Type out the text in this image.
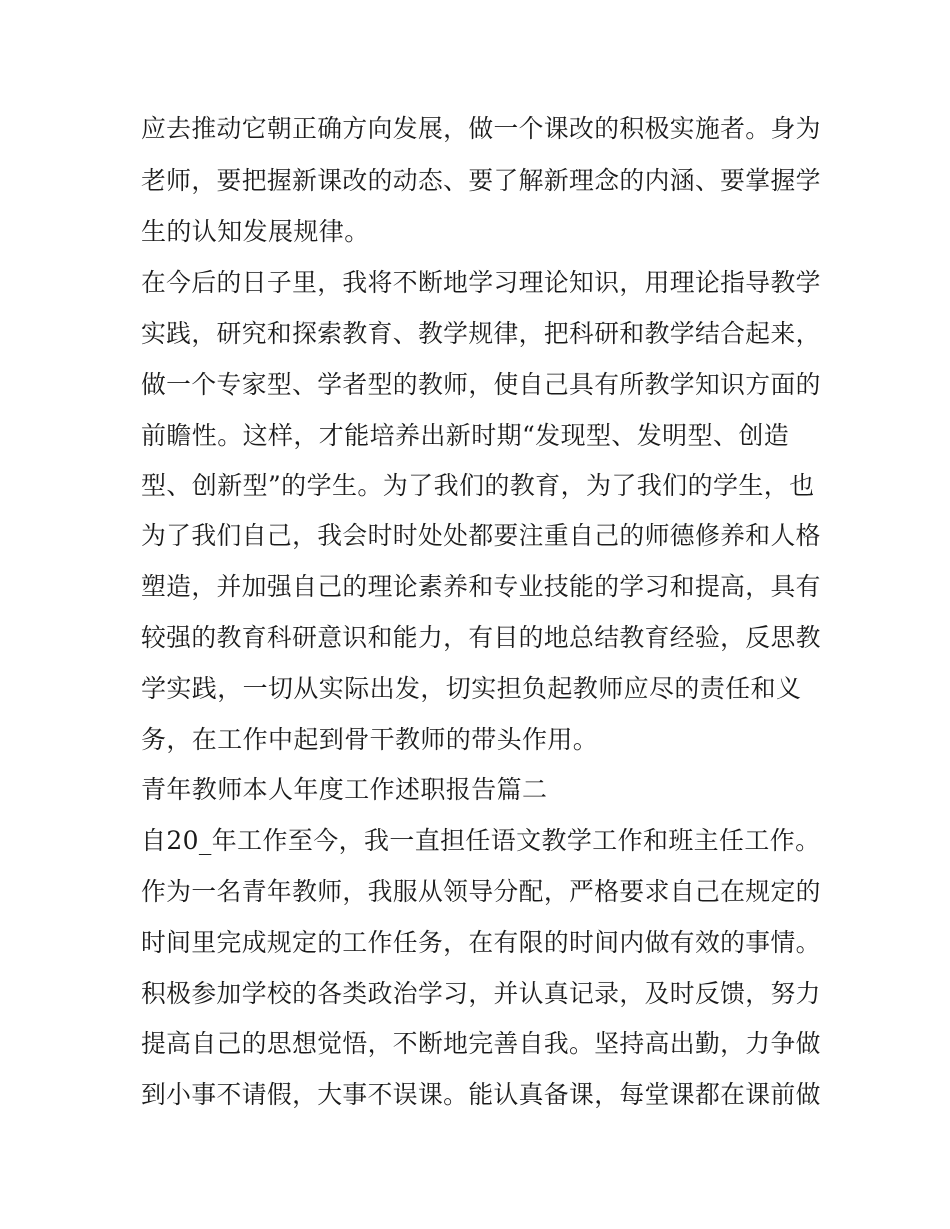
应去推动它朝正确方向发展，做一个课改的积极实施者。身为
老师，要把握新课改的动态、要了解新理念的内涵、要掌握学
生的认知发展规律。
在今后的日子里，我将不断地学习理论知识，用理论指导教学
实践，研究和探索教育、教学规律，把科研和教学结合起来，
做一个专家型、学者型的教师，使自己具有所教学知识方面的
前瞻性。这样，才能培养出新时期“发现型、发明型、创造
型、创新型”的学生。为了我们的教育，为了我们的学生，也
为了我们自己，我会时时处处都要注重自己的师德修养和人格
塑造，并加强自己的理论素养和专业技能的学习和提高，具有
较强的教育科研意识和能力，有目的地总结教育经验，反思教
学实践，一切从实际出发，切实担负起教师应尽的责任和义
务，在工作中起到骨干教师的带头作用。
青年教师本人年度工作述职报告篇二
自20_年工作至今，我一直担任语文教学工作和班主任工作。
作为一名青年教师，我服从领导分配，严格要求自己在规定的
时间里完成规定的工作任务，在有限的时间内做有效的事情。
积极参加学校的各类政治学习，并认真记录，及时反馈，努力
提高自己的思想觉悟，不断地完善自我。坚持高出勤，力争做
到小事不请假，大事不误课。能认真备课，每堂课都在课前做
